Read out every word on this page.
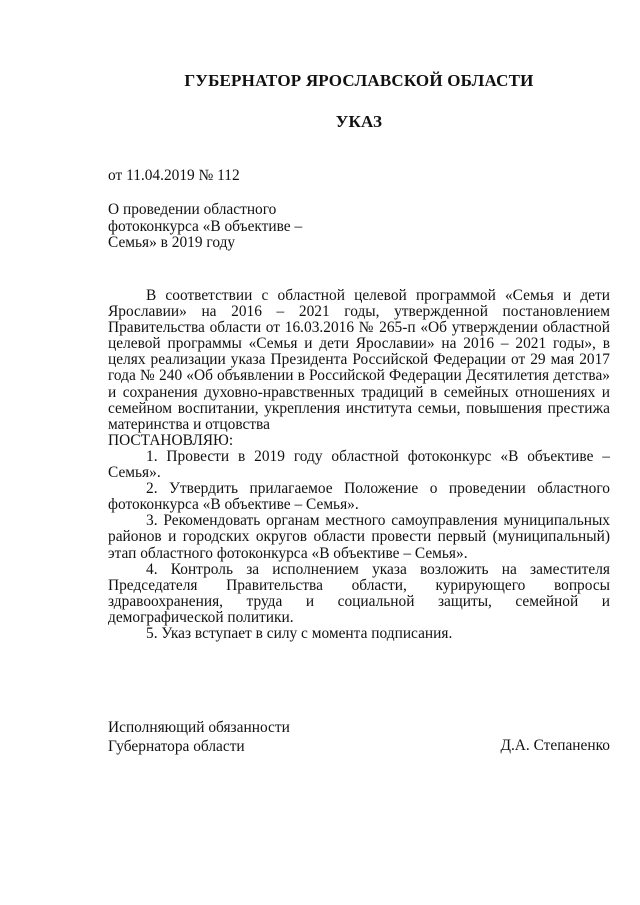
ГУБЕРНАТОР ЯРОСЛАВСКОЙ ОБЛАСТИ
УКАЗ
от 11.04.2019 № 112
О проведении областного
фотоконкурса «В объективе –
Семья» в 2019 году

В соответствии с областной целевой программой «Семья и дети Ярославии» на 2016 – 2021 годы, утвержденной постановлением Правительства области от 16.03.2016 № 265-п «Об утверждении областной целевой программы «Семья и дети Ярославии» на 2016 – 2021 годы», в целях реализации указа Президента Российской Федерации от 29 мая 2017 года № 240 «Об объявлении в Российской Федерации Десятилетия детства» и сохранения духовно-нравственных традиций в семейных отношениях и семейном воспитании, укрепления института семьи, повышения престижа материнства и отцовства

ПОСТАНОВЛЯЮ:

1. Провести в 2019 году областной фотоконкурс «В объективе – Семья».

2. Утвердить прилагаемое Положение о проведении областного фотоконкурса «В объективе – Семья».

3. Рекомендовать органам местного самоуправления муниципальных районов и городских округов области провести первый (муниципальный) этап областного фотоконкурса «В объективе – Семья».

4. Контроль за исполнением указа возложить на заместителя Председателя Правительства области, курирующего вопросы здравоохранения, труда и социальной защиты, семейной и демографической политики.

5. Указ вступает в силу с момента подписания.

Исполняющий обязанности
Губернатора области	Д.А. Степаненко
